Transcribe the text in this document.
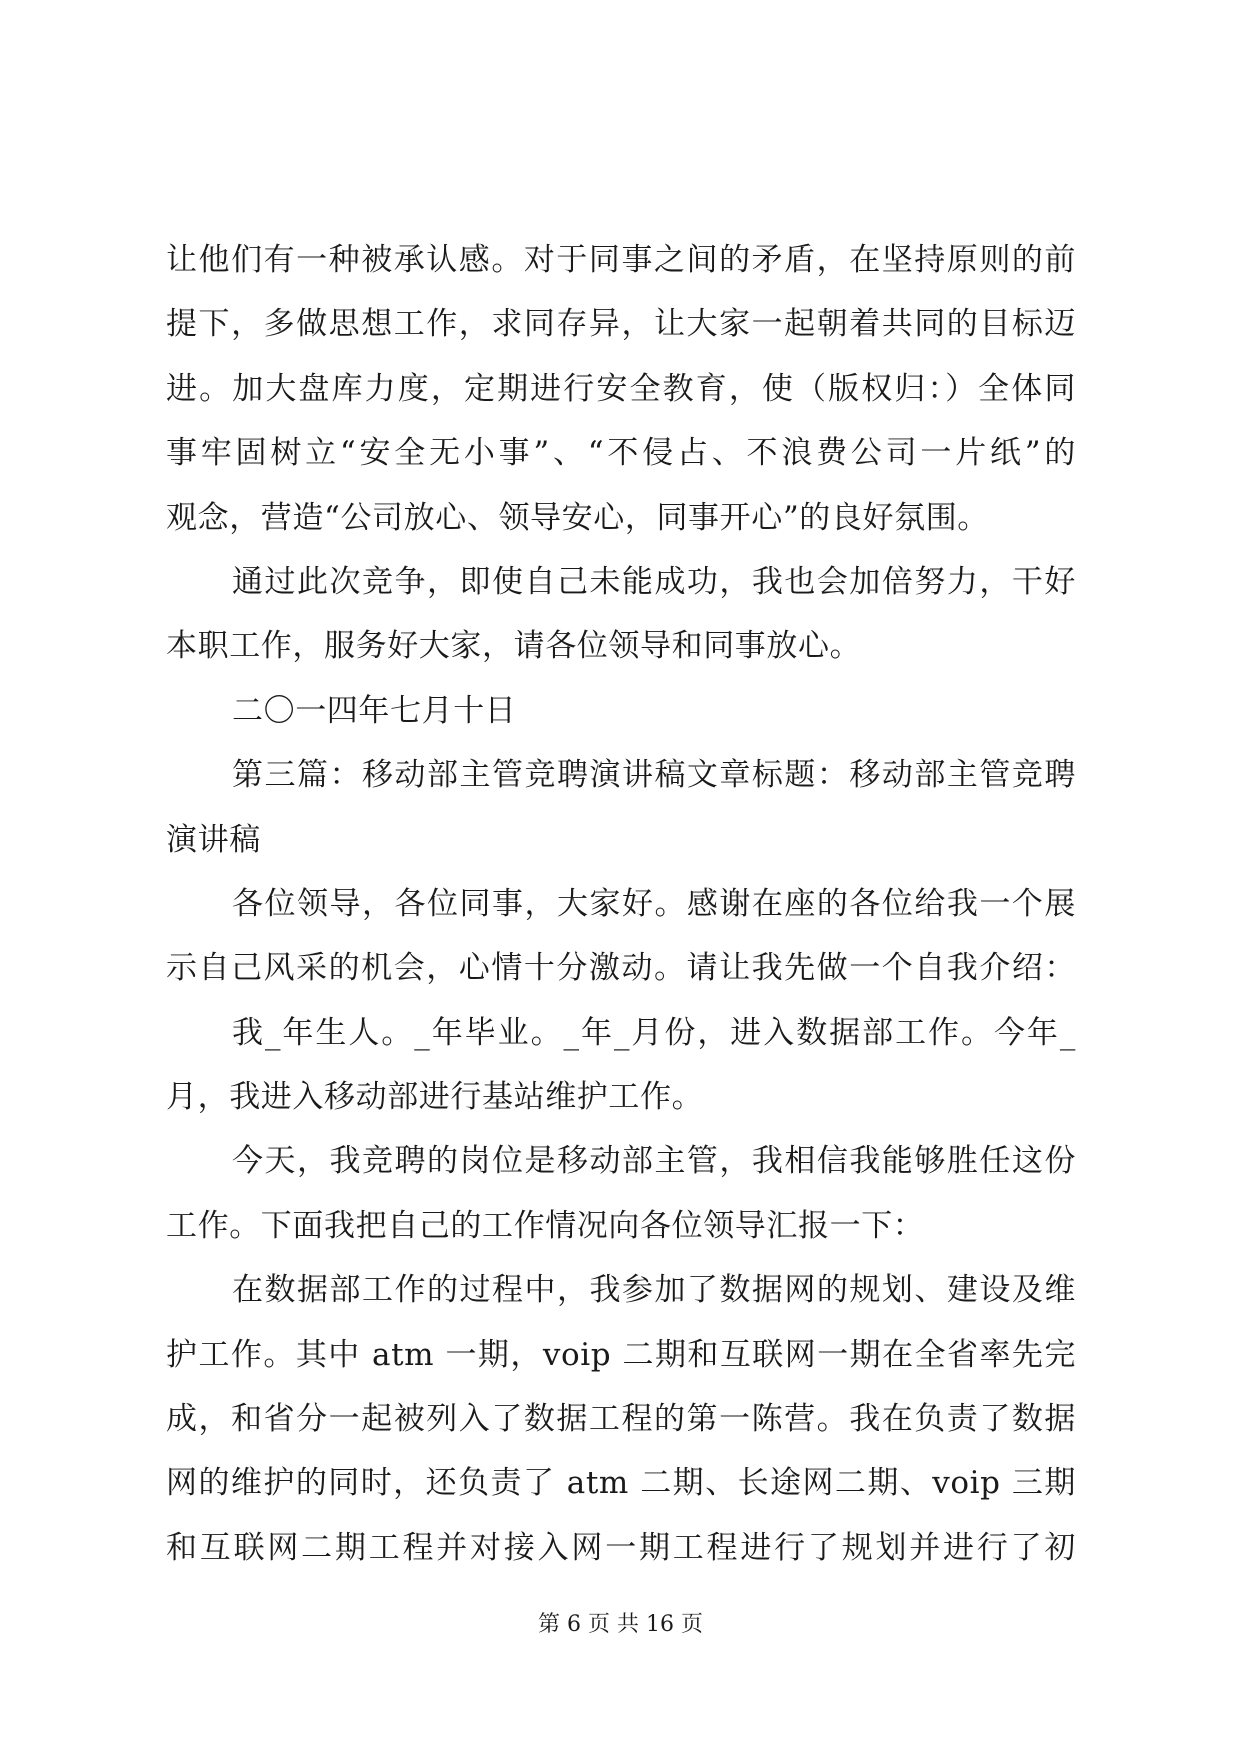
让他们有一种被承认感。对于同事之间的矛盾，在坚持原则的前
提下，多做思想工作，求同存异，让大家一起朝着共同的目标迈
进。加大盘库力度，定期进行安全教育，使（版权归：）全体同
事牢固树立“安全无小事”、“不侵占、不浪费公司一片纸”的
观念，营造“公司放心、领导安心，同事开心”的良好氛围。
通过此次竞争，即使自己未能成功，我也会加倍努力，干好
本职工作，服务好大家，请各位领导和同事放心。
二〇一四年七月十日
第三篇：移动部主管竞聘演讲稿文章标题：移动部主管竞聘
演讲稿
各位领导，各位同事，大家好。感谢在座的各位给我一个展
示自己风采的机会，心情十分激动。请让我先做一个自我介绍：
我_年生人。_年毕业。_年_月份，进入数据部工作。今年_
月，我进入移动部进行基站维护工作。
今天，我竞聘的岗位是移动部主管，我相信我能够胜任这份
工作。下面我把自己的工作情况向各位领导汇报一下：
在数据部工作的过程中，我参加了数据网的规划、建设及维
护工作。其中 atm 一期，voip 二期和互联网一期在全省率先完
成，和省分一起被列入了数据工程的第一陈营。我在负责了数据
网的维护的同时，还负责了 atm 二期、长途网二期、voip 三期
和互联网二期工程并对接入网一期工程进行了规划并进行了初
第 6 页 共 16 页
